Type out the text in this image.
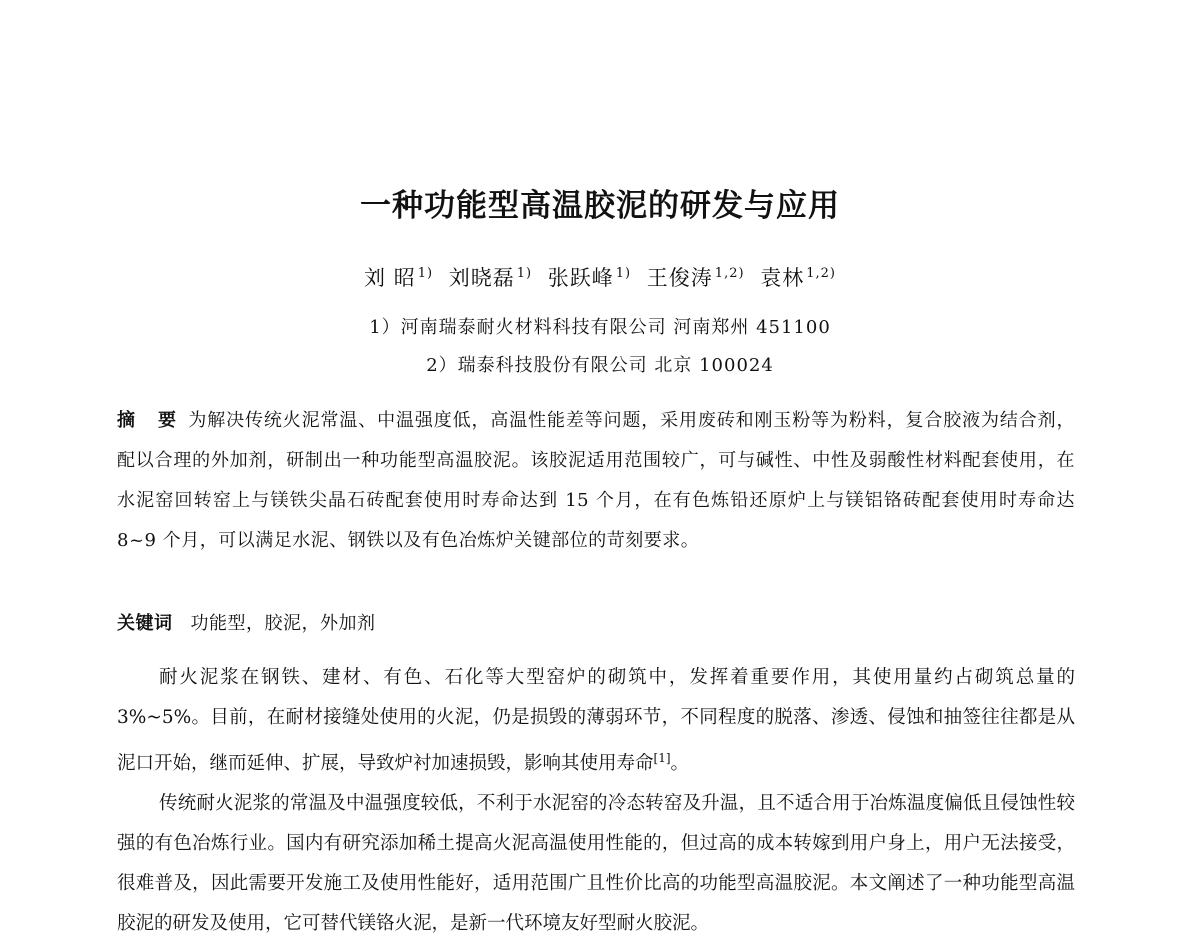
一种功能型高温胶泥的研发与应用
刘 昭 $^{1)}$ 刘晓磊 $^{1)}$ 张跃峰 $^{1)}$ 王俊涛 $^{1,2)}$ 袁林 $^{1,2)}$
1）河南瑞泰耐火材料科技有限公司 河南郑州 451100
2）瑞泰科技股份有限公司 北京 100024
摘 要 为解决传统火泥常温、中温强度低，高温性能差等问题，采用废砖和刚玉粉等为粉料，复合胶液为结合剂，配以合理的外加剂，研制出一种功能型高温胶泥。该胶泥适用范围较广，可与碱性、中性及弱酸性材料配套使用，在水泥窑回转窑上与镁铁尖晶石砖配套使用时寿命达到 15 个月，在有色炼铅还原炉上与镁铝铬砖配套使用时寿命达 8~9 个月，可以满足水泥、钢铁以及有色冶炼炉关键部位的苛刻要求。
关键词 功能型，胶泥，外加剂

耐火泥浆在钢铁、建材、有色、石化等大型窑炉的砌筑中，发挥着重要作用，其使用量约占砌筑总量的 3%~5%。目前，在耐材接缝处使用的火泥，仍是损毁的薄弱环节，不同程度的脱落、渗透、侵蚀和抽签往往都是从泥口开始，继而延伸、扩展，导致炉衬加速损毁，影响其使用寿命[1]。

传统耐火泥浆的常温及中温强度较低，不利于水泥窑的冷态转窑及升温，且不适合用于冶炼温度偏低且侵蚀性较强的有色冶炼行业。国内有研究添加稀土提高火泥高温使用性能的，但过高的成本转嫁到用户身上，用户无法接受，很难普及，因此需要开发施工及使用性能好，适用范围广且性价比高的功能型高温胶泥。本文阐述了一种功能型高温胶泥的研发及使用，它可替代镁铬火泥，是新一代环境友好型耐火胶泥。
